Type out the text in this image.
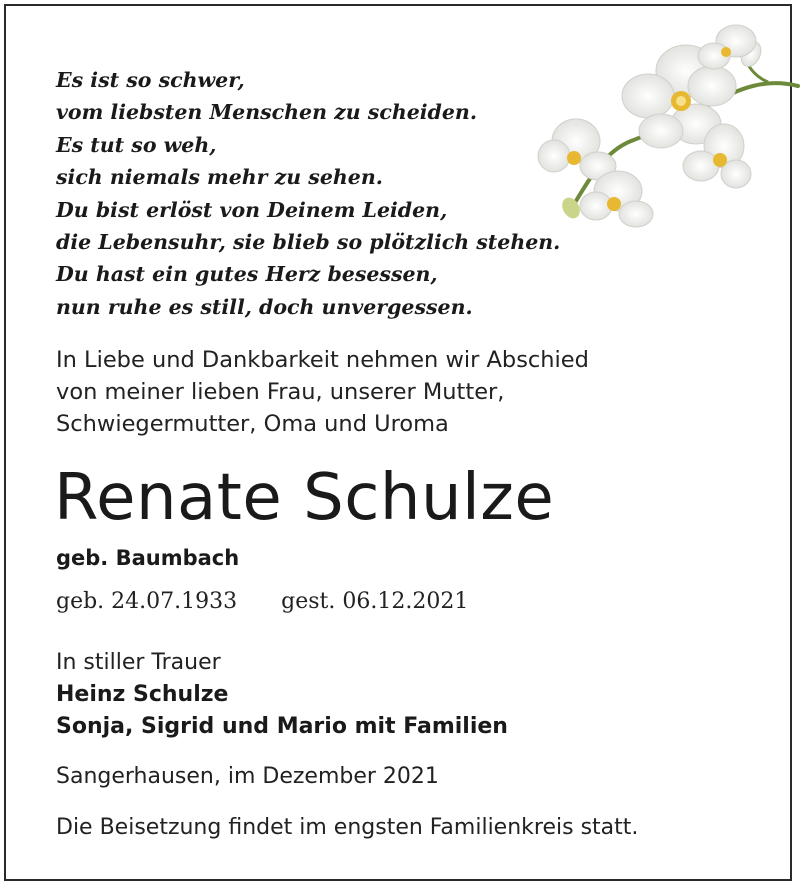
Es ist so schwer,
vom liebsten Menschen zu scheiden.
Es tut so weh,
sich niemals mehr zu sehen.
Du bist erlöst von Deinem Leiden,
die Lebensuhr, sie blieb so plötzlich stehen.
Du hast ein gutes Herz besessen,
nun ruhe es still, doch unvergessen.
In Liebe und Dankbarkeit nehmen wir Abschied
von meiner lieben Frau, unserer Mutter,
Schwiegermutter, Oma und Uroma
Renate Schulze
geb. Baumbach
geb. 24.07.1933 gest. 06.12.2021
In stiller Trauer
Heinz Schulze
Sonja, Sigrid und Mario mit Familien
Sangerhausen, im Dezember 2021
Die Beisetzung findet im engsten Familienkreis statt.
